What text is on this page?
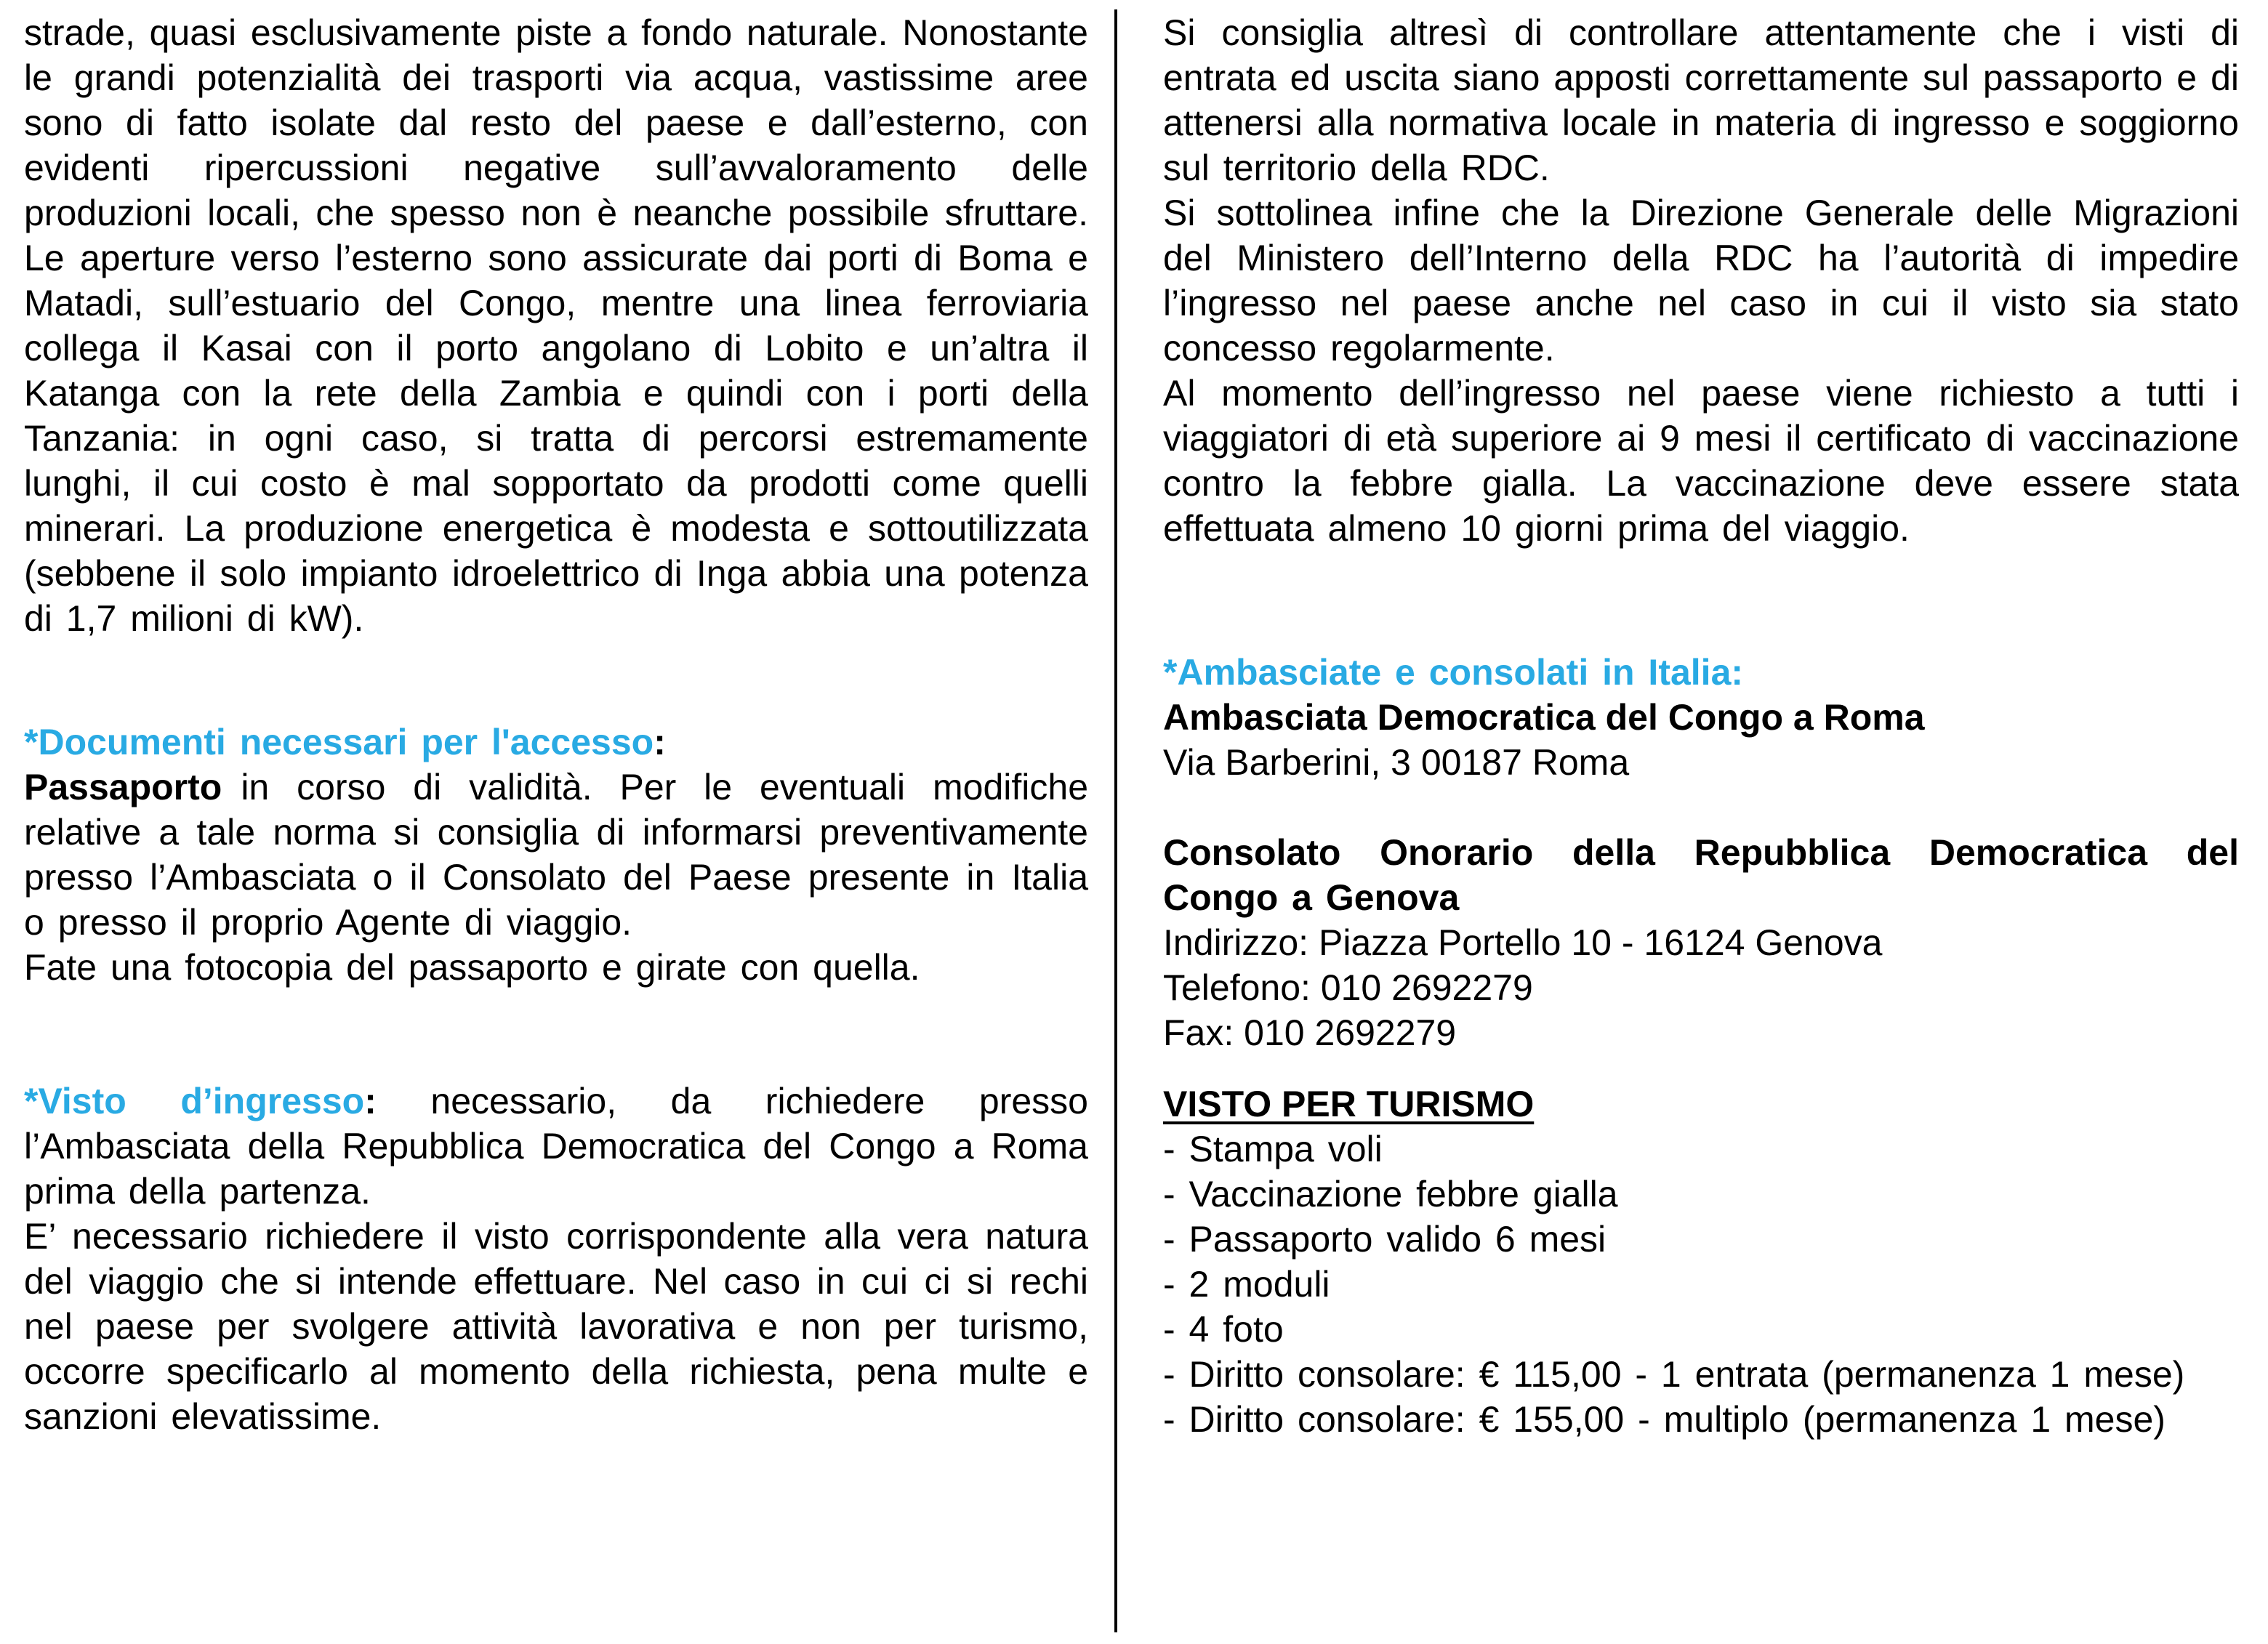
strade, quasi esclusivamente piste a fondo naturale. Nonostante le grandi potenzialità dei trasporti via acqua, vastissime aree sono di fatto isolate dal resto del paese e dall’esterno, con evidenti ripercussioni negative sull’avvaloramento delle produzioni locali, che spesso non è neanche possibile sfruttare. Le aperture verso l’esterno sono assicurate dai porti di Boma e Matadi, sull’estuario del Congo, mentre una linea ferroviaria collega il Kasai con il porto angolano di Lobito e un’altra il Katanga con la rete della Zambia e quindi con i porti della Tanzania: in ogni caso, si tratta di percorsi estremamente lunghi, il cui costo è mal sopportato da prodotti come quelli minerari. La produzione energetica è modesta e sottoutilizzata (sebbene il solo impianto idroelettrico di Inga abbia una potenza di 1,7 milioni di kW).

*Documenti necessari per l'accesso:

Passaporto in corso di validità. Per le eventuali modifiche relative a tale norma si consiglia di informarsi preventivamente presso l’Ambasciata o il Consolato del Paese presente in Italia o presso il proprio Agente di viaggio.

Fate una fotocopia del passaporto e girate con quella.

*Visto d’ingresso: necessario, da richiedere presso l’Ambasciata della Repubblica Democratica del Congo a Roma prima della partenza.

E’ necessario richiedere il visto corrispondente alla vera natura del viaggio che si intende effettuare. Nel caso in cui ci si rechi nel paese per svolgere attività lavorativa e non per turismo, occorre specificarlo al momento della richiesta, pena multe e sanzioni elevatissime.

Si consiglia altresì di controllare attentamente che i visti di entrata ed uscita siano apposti correttamente sul passaporto e di attenersi alla normativa locale in materia di ingresso e soggiorno sul territorio della RDC.

Si sottolinea infine che la Direzione Generale delle Migrazioni del Ministero dell’Interno della RDC ha l’autorità di impedire l’ingresso nel paese anche nel caso in cui il visto sia stato concesso regolarmente.

Al momento dell’ingresso nel paese viene richiesto a tutti i viaggiatori di età superiore ai 9 mesi il certificato di vaccinazione contro la febbre gialla. La vaccinazione deve essere stata effettuata almeno 10 giorni prima del viaggio.

*Ambasciate e consolati in Italia:

Ambasciata Democratica del Congo a Roma

Via Barberini, 3 00187 Roma

Consolato Onorario della Repubblica Democratica del Congo a Genova

Indirizzo: Piazza Portello 10 - 16124 Genova

Telefono: 010 2692279

Fax: 010 2692279

VISTO PER TURISMO

- Stampa voli

- Vaccinazione febbre gialla

- Passaporto valido 6 mesi

- 2 moduli

- 4 foto

- Diritto consolare: € 115,00 - 1 entrata (permanenza 1 mese)

- Diritto consolare: € 155,00 - multiplo (permanenza 1 mese)
